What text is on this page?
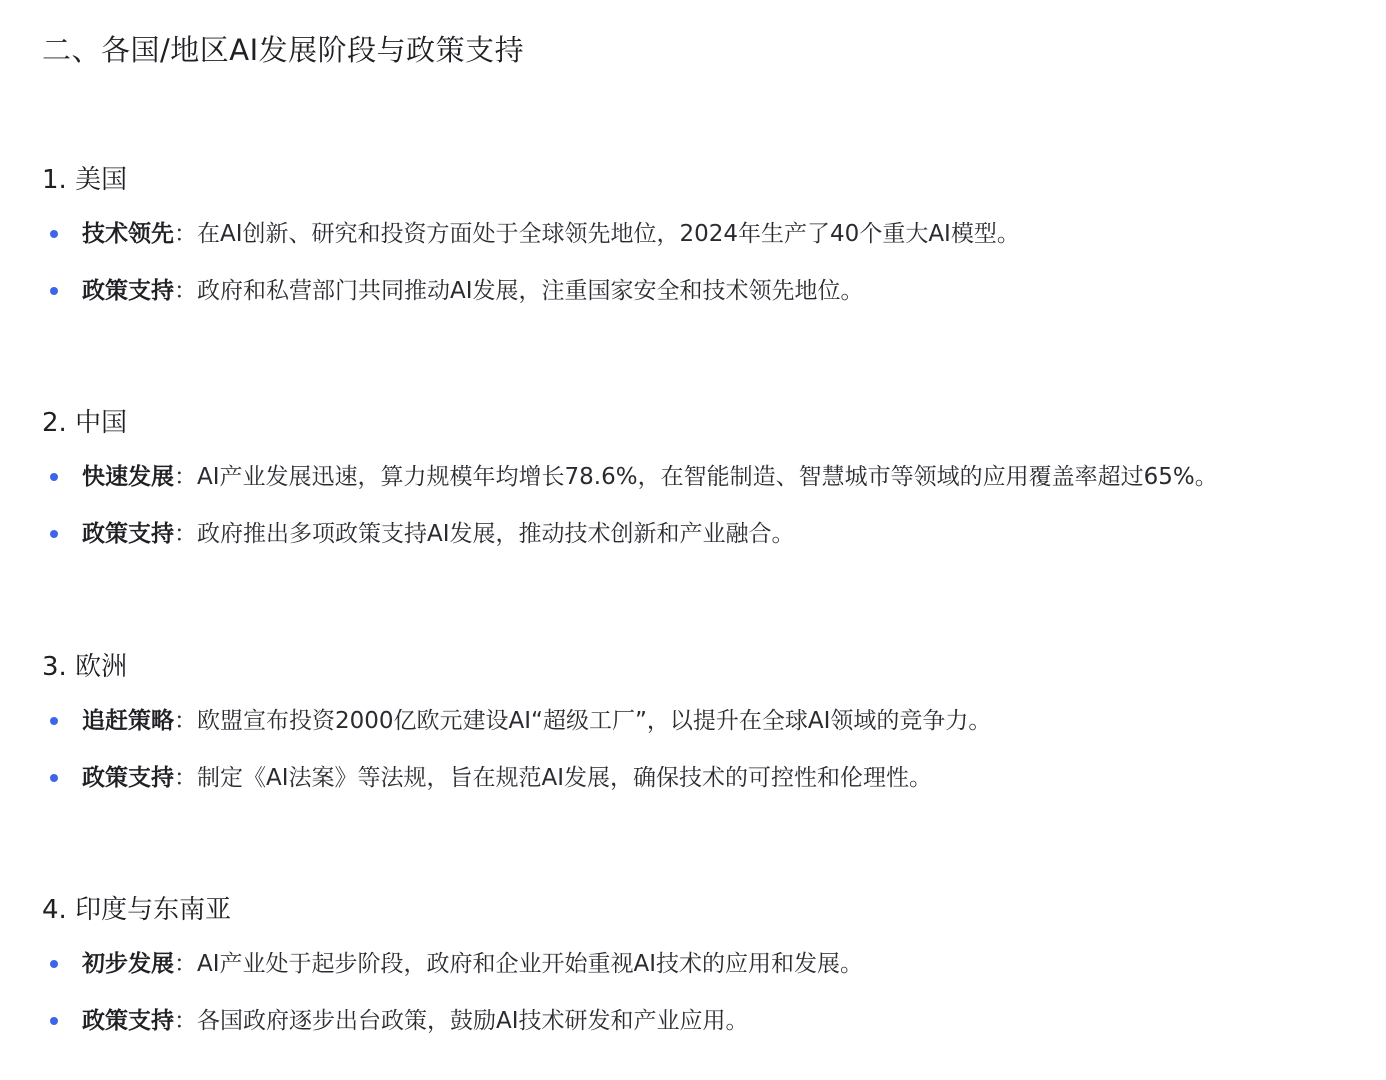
二、各国/地区AI发展阶段与政策支持
1. 美国
技术领先：在AI创新、研究和投资方面处于全球领先地位，2024年生产了40个重大AI模型。
政策支持：政府和私营部门共同推动AI发展，注重国家安全和技术领先地位。
2. 中国
快速发展：AI产业发展迅速，算力规模年均增长78.6%，在智能制造、智慧城市等领域的应用覆盖率超过65%。
政策支持：政府推出多项政策支持AI发展，推动技术创新和产业融合。
3. 欧洲
追赶策略：欧盟宣布投资2000亿欧元建设AI“超级工厂”，以提升在全球AI领域的竞争力。
政策支持：制定《AI法案》等法规，旨在规范AI发展，确保技术的可控性和伦理性。
4. 印度与东南亚
初步发展：AI产业处于起步阶段，政府和企业开始重视AI技术的应用和发展。
政策支持：各国政府逐步出台政策，鼓励AI技术研发和产业应用。
